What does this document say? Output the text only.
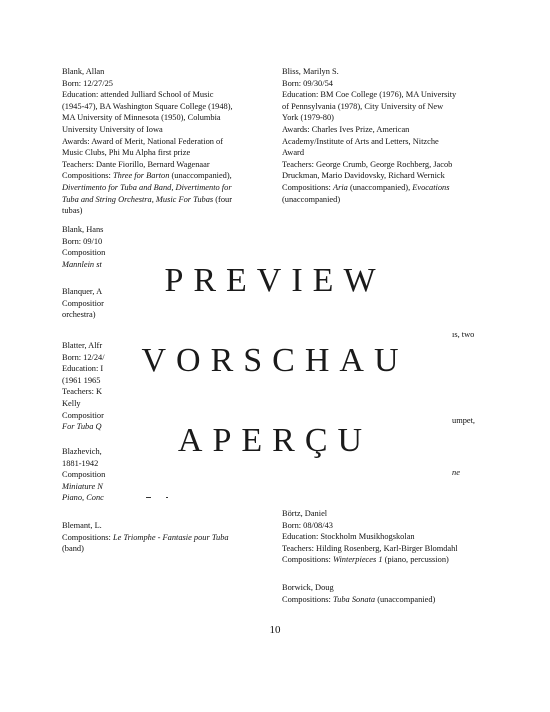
Blank, Allan
Born: 12/27/25
Education: attended Julliard School of Music
(1945-47), BA Washington Square College (1948),
MA University of Minnesota (1950), Columbia
University University of Iowa
Awards: Award of Merit, National Federation of
Music Clubs, Phi Mu Alpha first prize
Teachers: Dante Fiorillo, Bernard Wagenaar
Compositions: Three for Barton (unaccompanied),
Divertimento for Tuba and Band, Divertimento for
Tuba and String Orchestra, Music For Tubas (four
tubas)
Bliss, Marilyn S.
Born: 09/30/54
Education: BM Coe College (1976), MA University
of Pennsylvania (1978), City University of New
York (1979-80)
Awards: Charles Ives Prize, American
Academy/Institute of Arts and Letters, Nitzche
Award
Teachers: George Crumb, George Rochberg, Jacob
Druckman, Mario Davidovsky, Richard Wernick
Compositions: Aria (unaccompanied), Evocations
(unaccompanied)
Blank, Hans
Born: 09/10
Composition
Mannlein st
Blanquer, A
Compositior
orchestra)
Blatter, Alfr
Born: 12/24/
Education: I
(1961 1965
Teachers: K
Kelly
Compositior
For Tuba Q
Blazhevich,
1881-1942
Composition
Miniature N
Piano, Conc
ıs, two
umpet,
ne
Blemant, L.
Compositions: Le Triomphe - Fantasie pour Tuba
(band)
Börtz, Daniel
Born: 08/08/43
Education: Stockholm Musikhogskolan
Teachers: Hilding Rosenberg, Karl-Birger Blomdahl
Compositions: Winterpieces 1 (piano, percussion)
Borwick, Doug
Compositions: Tuba Sonata (unaccompanied)
PREVIEW
VORSCHAU
APERÇU
10
